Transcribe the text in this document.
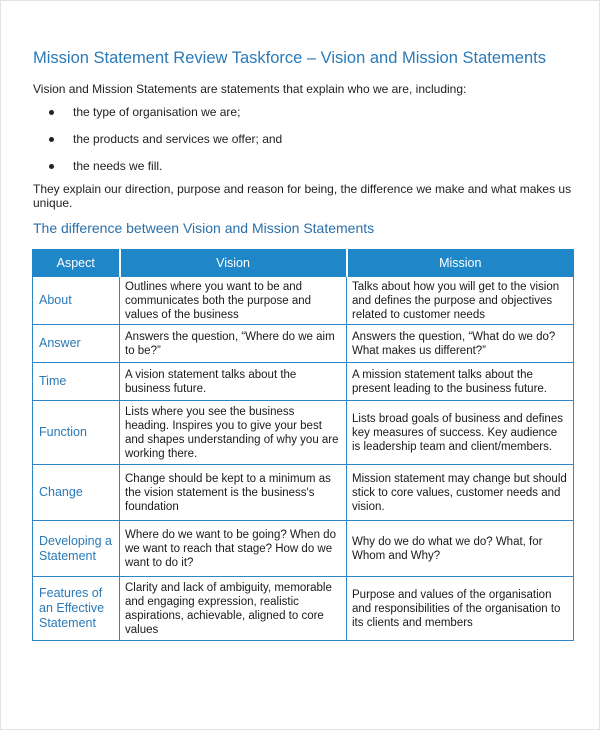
Mission Statement Review Taskforce – Vision and Mission Statements
Vision and Mission Statements are statements that explain who we are, including:
the type of organisation we are;
the products and services we offer; and
the needs we fill.
They explain our direction, purpose and reason for being, the difference we make and what makes us unique.
The difference between Vision and Mission Statements
Aspect	Vision	Mission
About	Outlines where you want to be and communicates both the purpose and values of the business	Talks about how you will get to the vision and defines the purpose and objectives related to customer needs
Answer	Answers the question, “Where do we aim to be?”	Answers the question, “What do we do? What makes us different?”
Time	A vision statement talks about the business future.	A mission statement talks about the present leading to the business future.
Function	Lists where you see the business heading. Inspires you to give your best and shapes understanding of why you are working there.	Lists broad goals of business and defines key measures of success. Key audience is leadership team and client/members.
Change	Change should be kept to a minimum as the vision statement is the business's foundation	Mission statement may change but should stick to core values, customer needs and vision.
Developing a Statement	Where do we want to be going? When do we want to reach that stage? How do we want to do it?	Why do we do what we do? What, for Whom and Why?
Features of an Effective Statement	Clarity and lack of ambiguity, memorable and engaging expression, realistic aspirations, achievable, aligned to core values	Purpose and values of the organisation and responsibilities of the organisation to its clients and members
